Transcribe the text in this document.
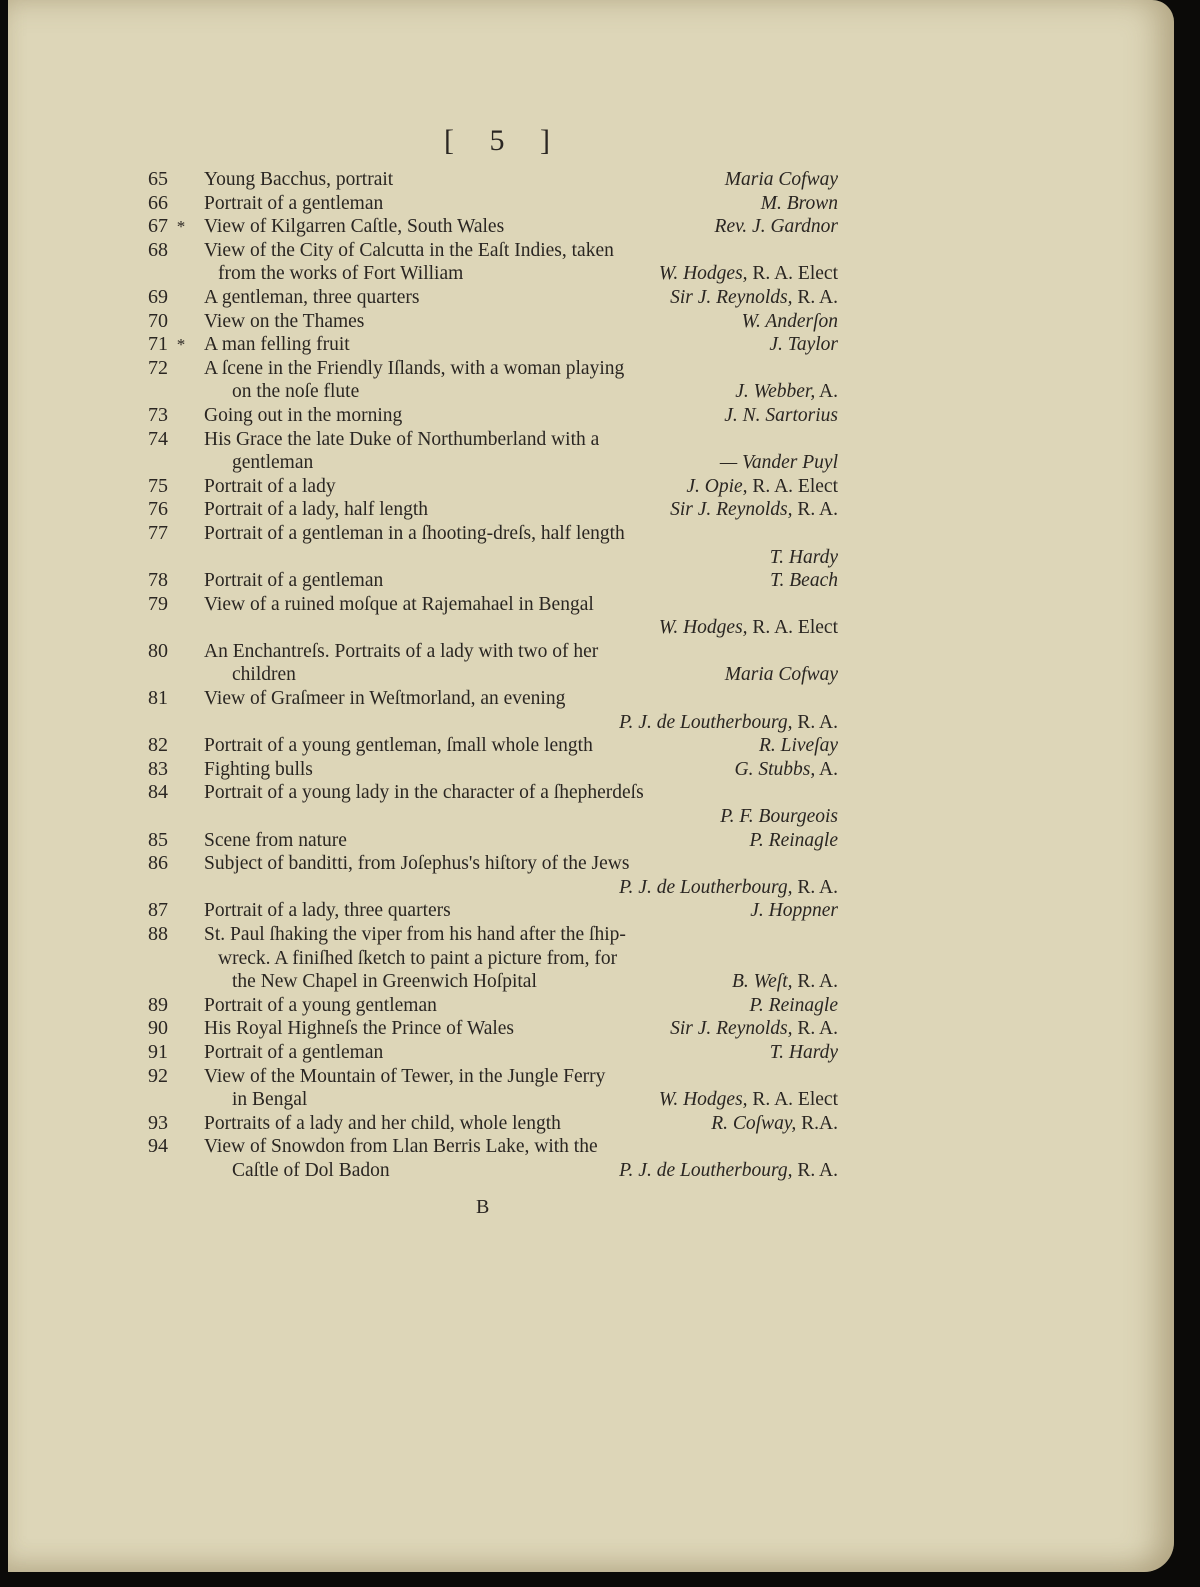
[ 5 ]
65 Young Bacchus, portrait	Maria Cofway
66 Portrait of a gentleman	M. Brown
67 * View of Kilgarren Caſtle, South Wales	Rev. J. Gardnor
68 View of the City of Calcutta in the Eaſt Indies, taken
from the works of Fort William	W. Hodges, R. A. Elect
69 A gentleman, three quarters	Sir J. Reynolds, R. A.
70 View on the Thames	W. Anderſon
71 * A man felling fruit	J. Taylor
72 A ſcene in the Friendly Iſlands, with a woman playing
on the noſe flute	J. Webber, A.
73 Going out in the morning	J. N. Sartorius
74 His Grace the late Duke of Northumberland with a
gentleman	— Vander Puyl
75 Portrait of a lady	J. Opie, R. A. Elect
76 Portrait of a lady, half length	Sir J. Reynolds, R. A.
77 Portrait of a gentleman in a ſhooting-dreſs, half length
T. Hardy
78 Portrait of a gentleman	T. Beach
79 View of a ruined moſque at Rajemahael in Bengal
W. Hodges, R. A. Elect
80 An Enchantreſs. Portraits of a lady with two of her
children	Maria Cofway
81 View of Graſmeer in Weſtmorland, an evening
P. J. de Loutherbourg, R. A.
82 Portrait of a young gentleman, ſmall whole length	R. Liveſay
83 Fighting bulls	G. Stubbs, A.
84 Portrait of a young lady in the character of a ſhepherdeſs
P. F. Bourgeois
85 Scene from nature	P. Reinagle
86 Subject of banditti, from Joſephus's hiſtory of the Jews
P. J. de Loutherbourg, R. A.
87 Portrait of a lady, three quarters	J. Hoppner
88 St. Paul ſhaking the viper from his hand after the ſhip-
wreck. A finiſhed ſketch to paint a picture from, for
the New Chapel in Greenwich Hoſpital	B. Weſt, R. A.
89 Portrait of a young gentleman	P. Reinagle
90 His Royal Highneſs the Prince of Wales	Sir J. Reynolds, R. A.
91 Portrait of a gentleman	T. Hardy
92 View of the Mountain of Tewer, in the Jungle Ferry
in Bengal	W. Hodges, R. A. Elect
93 Portraits of a lady and her child, whole length	R. Coſway, R.A.
94 View of Snowdon from Llan Berris Lake, with the
Caſtle of Dol Badon	P. J. de Loutherbourg, R. A.
B
